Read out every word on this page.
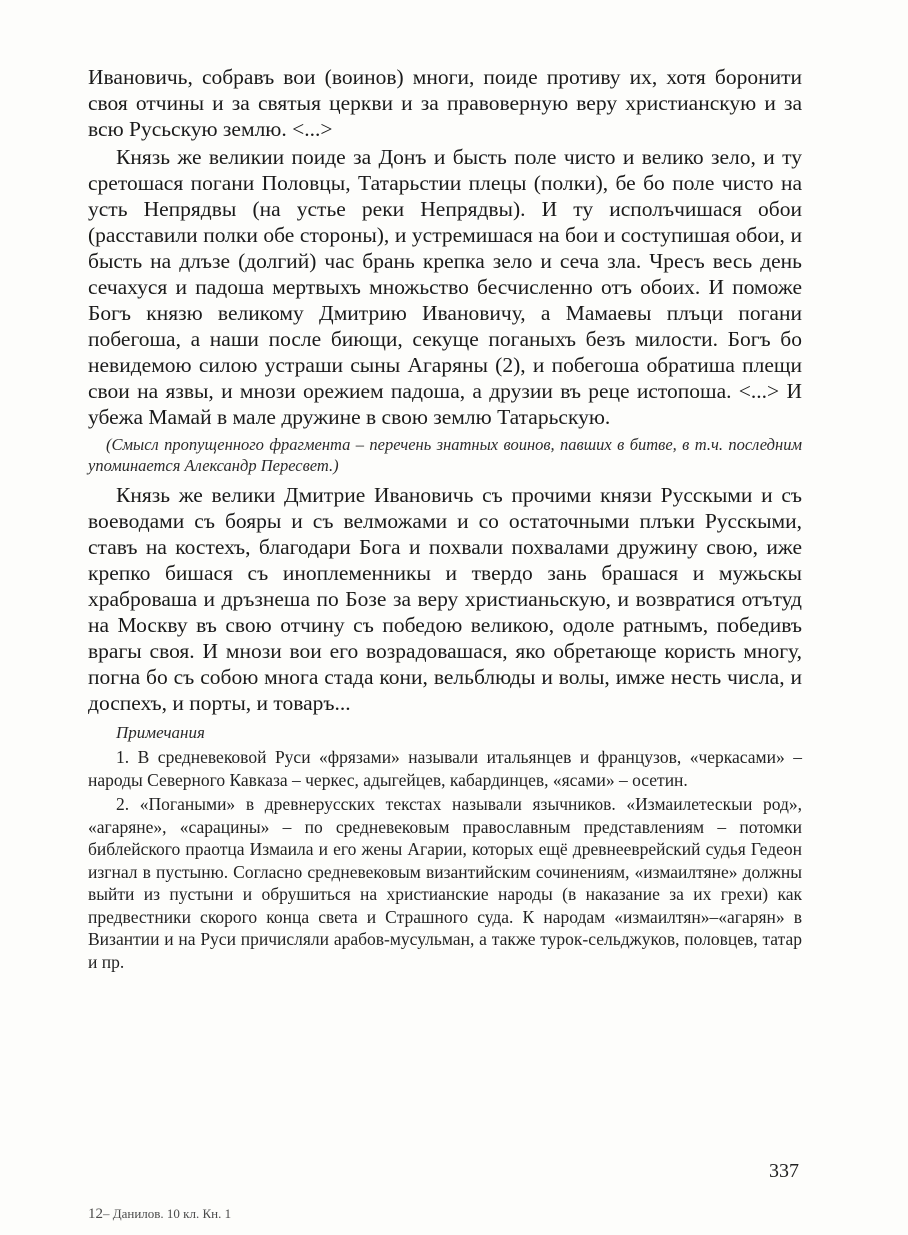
Ивановичь, собравъ вои (воинов) многи, поиде противу их, хотя боронити своя отчины и за святыя церкви и за правоверную веру христианскую и за всю Русьскую землю. <...>

Князь же великии поиде за Донъ и бысть поле чисто и велико зело, и ту сретошася погани Половцы, Татарьстии плецы (полки), бе бо поле чисто на усть Непрядвы (на устье реки Непрядвы). И ту исполъчишася обои (расставили полки обе стороны), и устремишася на бои и соступишая обои, и бысть на длъзе (долгий) час брань крепка зело и сеча зла. Чресъ весь день сечахуся и падоша мертвыхъ множьство бесчисленно отъ обоих. И поможе Богъ князю великому Дмитрию Ивановичу, а Мамаевы плъци погани побегоша, а наши после биющи, секуще поганыхъ безъ милости. Богъ бо невидемою силою устраши сыны Агаряны (2), и побегоша обратиша плещи свои на язвы, и мнози орежием падоша, а друзии въ реце истопоша. <...> И убежа Мамай в мале дружине в свою землю Татарьскую.

(Смысл пропущенного фрагмента – перечень знатных воинов, павших в битве, в т.ч. последним упоминается Александр Пересвет.)

Князь же велики Дмитрие Ивановичь съ прочими князи Русскыми и съ воеводами съ бояры и съ велможами и со остаточными плъки Русскыми, ставъ на костехъ, благодари Бога и похвали похвалами дружину свою, иже крепко бишася съ иноплеменникы и твердо зань брашася и мужьскы храброваша и дръзнеша по Бозе за веру христианьскую, и возвратися отътуд на Москву въ свою отчину съ победою великою, одоле ратнымъ, победивъ врагы своя. И мнози вои его возрадовашася, яко обретающе користь многу, погна бо съ собою многа стада кони, вельблюды и волы, имже несть числа, и доспехъ, и порты, и товаръ...

Примечания

1. В средневековой Руси «фрязами» называли итальянцев и французов, «черкасами» – народы Северного Кавказа – черкес, адыгейцев, кабардинцев, «ясами» – осетин.

2. «Погаными» в древнерусских текстах называли язычников. «Измаилетескыи род», «агаряне», «сарацины» – по средневековым православным представлениям – потомки библейского праотца Измаила и его жены Агарии, которых ещё древнееврейский судья Гедеон изгнал в пустыню. Согласно средневековым византийским сочинениям, «измаилтяне» должны выйти из пустыни и обрушиться на христианские народы (в наказание за их грехи) как предвестники скорого конца света и Страшного суда. К народам «измаилтян»–«агарян» в Византии и на Руси причисляли арабов-мусульман, а также турок-сельджуков, половцев, татар и пр.

337
12– Данилов. 10 кл. Кн. 1
